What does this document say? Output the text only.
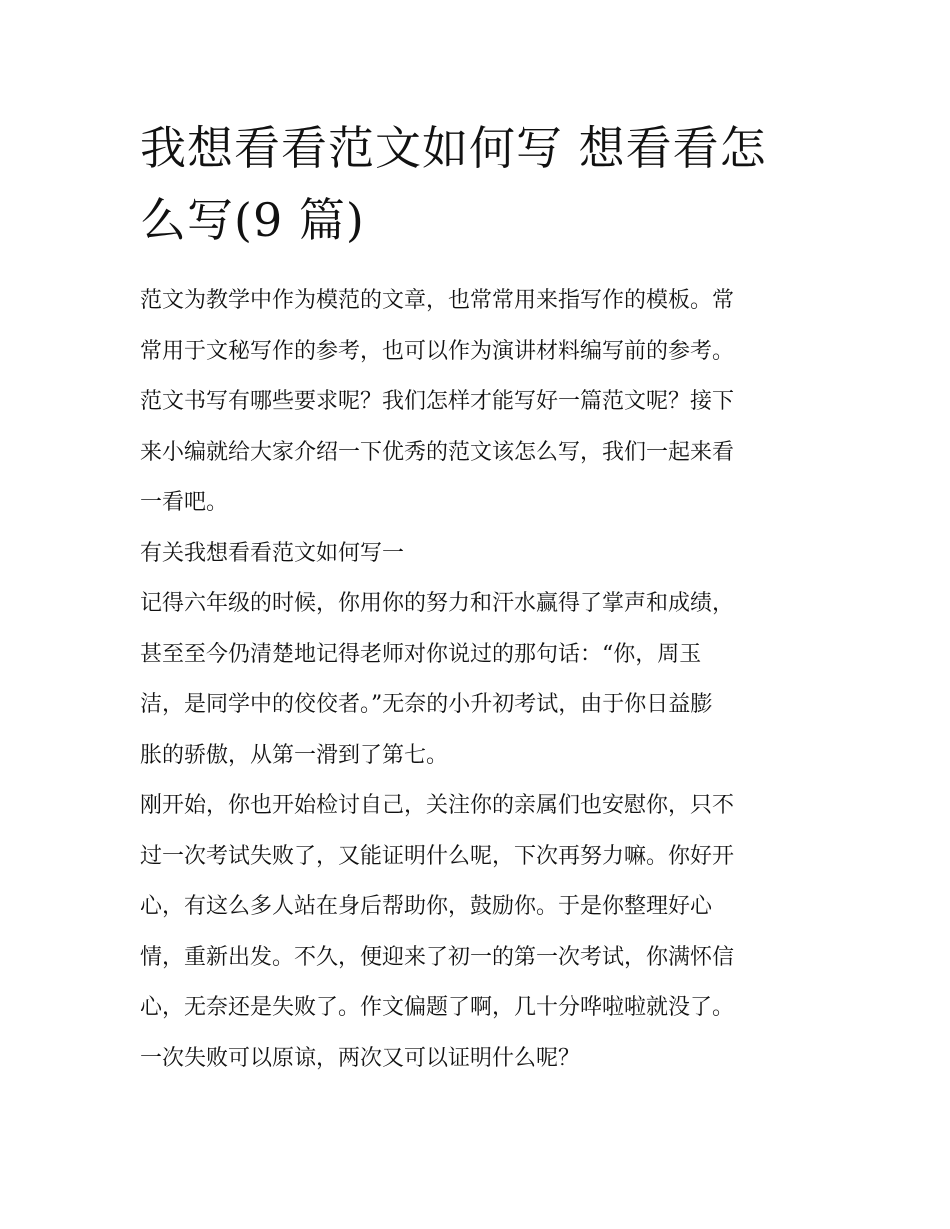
我想看看范文如何写 想看看怎
么写(9 篇)

范文为教学中作为模范的文章，也常常用来指写作的模板。常
常用于文秘写作的参考，也可以作为演讲材料编写前的参考。
范文书写有哪些要求呢？我们怎样才能写好一篇范文呢？接下
来小编就给大家介绍一下优秀的范文该怎么写，我们一起来看
一看吧。

有关我想看看范文如何写一

记得六年级的时候，你用你的努力和汗水赢得了掌声和成绩，
甚至至今仍清楚地记得老师对你说过的那句话：“你，周玉
洁，是同学中的佼佼者。”无奈的小升初考试，由于你日益膨
胀的骄傲，从第一滑到了第七。

刚开始，你也开始检讨自己，关注你的亲属们也安慰你，只不
过一次考试失败了，又能证明什么呢，下次再努力嘛。你好开
心，有这么多人站在身后帮助你，鼓励你。于是你整理好心
情，重新出发。不久，便迎来了初一的第一次考试，你满怀信
心，无奈还是失败了。作文偏题了啊，几十分哗啦啦就没了。
一次失败可以原谅，两次又可以证明什么呢？
